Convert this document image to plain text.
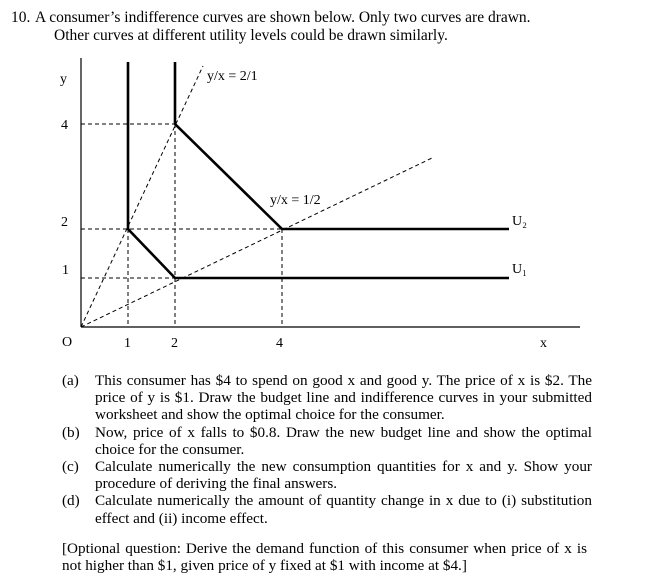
10. A consumer’s indifference curves are shown below. Only two curves are drawn.
Other curves at different utility levels could be drawn similarly.
y
x
O
4
2
1
1	2	4
y/x = 2/1
y/x = 1/2
U₂
U₁
(a) This consumer has $4 to spend on good x and good y. The price of x is $2. The price of y is $1. Draw the budget line and indifference curves in your submitted worksheet and show the optimal choice for the consumer.
(b) Now, price of x falls to $0.8. Draw the new budget line and show the optimal choice for the consumer.
(c) Calculate numerically the new consumption quantities for x and y. Show your procedure of deriving the final answers.
(d) Calculate numerically the amount of quantity change in x due to (i) substitution effect and (ii) income effect.
[Optional question: Derive the demand function of this consumer when price of x is not higher than $1, given price of y fixed at $1 with income at $4.]
